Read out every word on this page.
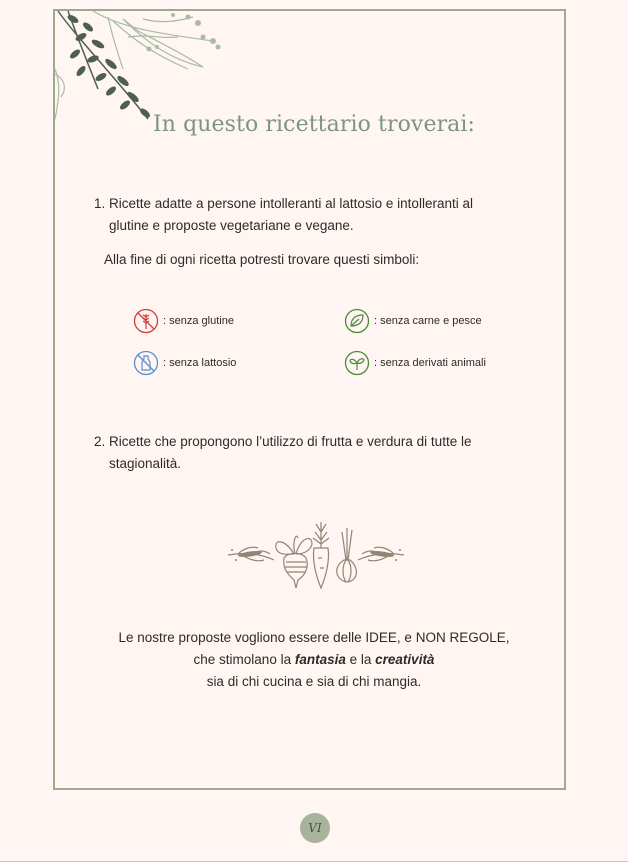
In questo ricettario troverai:
1. Ricette adatte a persone intolleranti al lattosio e intolleranti al
glutine e proposte vegetariane e vegane.
Alla fine di ogni ricetta potresti trovare questi simboli:
: senza glutine	: senza carne e pesce
: senza lattosio	: senza derivati animali
2. Ricette che propongono l’utilizzo di frutta e verdura di tutte le
stagionalità.
Le nostre proposte vogliono essere delle IDEE, e NON REGOLE,
che stimolano la fantasia e la creatività
sia di chi cucina e sia di chi mangia.
VI
